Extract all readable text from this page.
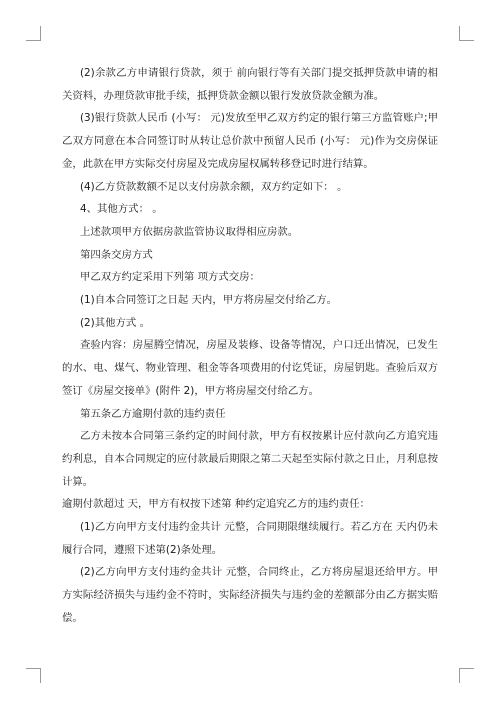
(2)余款乙方申请银行贷款，须于 前向银行等有关部门提交抵押贷款申请的相关资料，办理贷款审批手续，抵押贷款金额以银行发放贷款金额为准。

(3)银行贷款人民币 (小写： 元)发放至甲乙双方约定的银行第三方监管账户;甲乙双方同意在本合同签订时从转让总价款中预留人民币 (小写： 元)作为交房保证金，此款在甲方实际交付房屋及完成房屋权属转移登记时进行结算。

(4)乙方贷款数额不足以支付房款余额，双方约定如下： 。

4、其他方式： 。

上述款项甲方依据房款监管协议取得相应房款。

第四条交房方式

甲乙双方约定采用下列第 项方式交房：

(1)自本合同签订之日起 天内，甲方将房屋交付给乙方。

(2)其他方式 。

查验内容：房屋腾空情况，房屋及装修、设备等情况，户口迁出情况，已发生的水、电、煤气、物业管理、租金等各项费用的付讫凭证，房屋钥匙。查验后双方签订《房屋交接单》(附件 2)，甲方将房屋交付给乙方。

第五条乙方逾期付款的违约责任

乙方未按本合同第三条约定的时间付款，甲方有权按累计应付款向乙方追究违约利息，自本合同规定的应付款最后期限之第二天起至实际付款之日止，月利息按 计算。

逾期付款超过 天，甲方有权按下述第 种约定追究乙方的违约责任：

(1)乙方向甲方支付违约金共计 元整，合同期限继续履行。若乙方在 天内仍未履行合同，遵照下述第(2)条处理。

(2)乙方向甲方支付违约金共计 元整，合同终止，乙方将房屋退还给甲方。甲方实际经济损失与违约金不符时，实际经济损失与违约金的差额部分由乙方据实赔偿。
